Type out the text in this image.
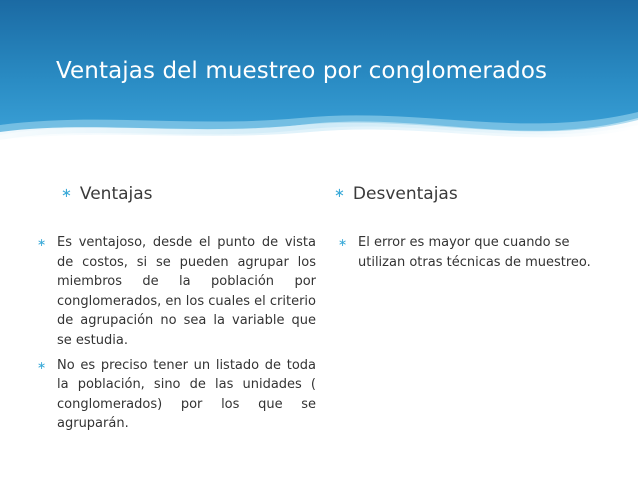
Ventajas del muestreo por conglomerados
∗ Ventajas	∗ Desventajas
∗ Es ventajoso, desde el punto de vista de costos, si se pueden agrupar los miembros de la población por conglomerados, en los cuales el criterio de agrupación no sea la variable que se estudia.
∗ No es preciso tener un listado de toda la población, sino de las unidades ( conglomerados) por los que se agruparán.
∗ El error es mayor que cuando se utilizan otras técnicas de muestreo.
